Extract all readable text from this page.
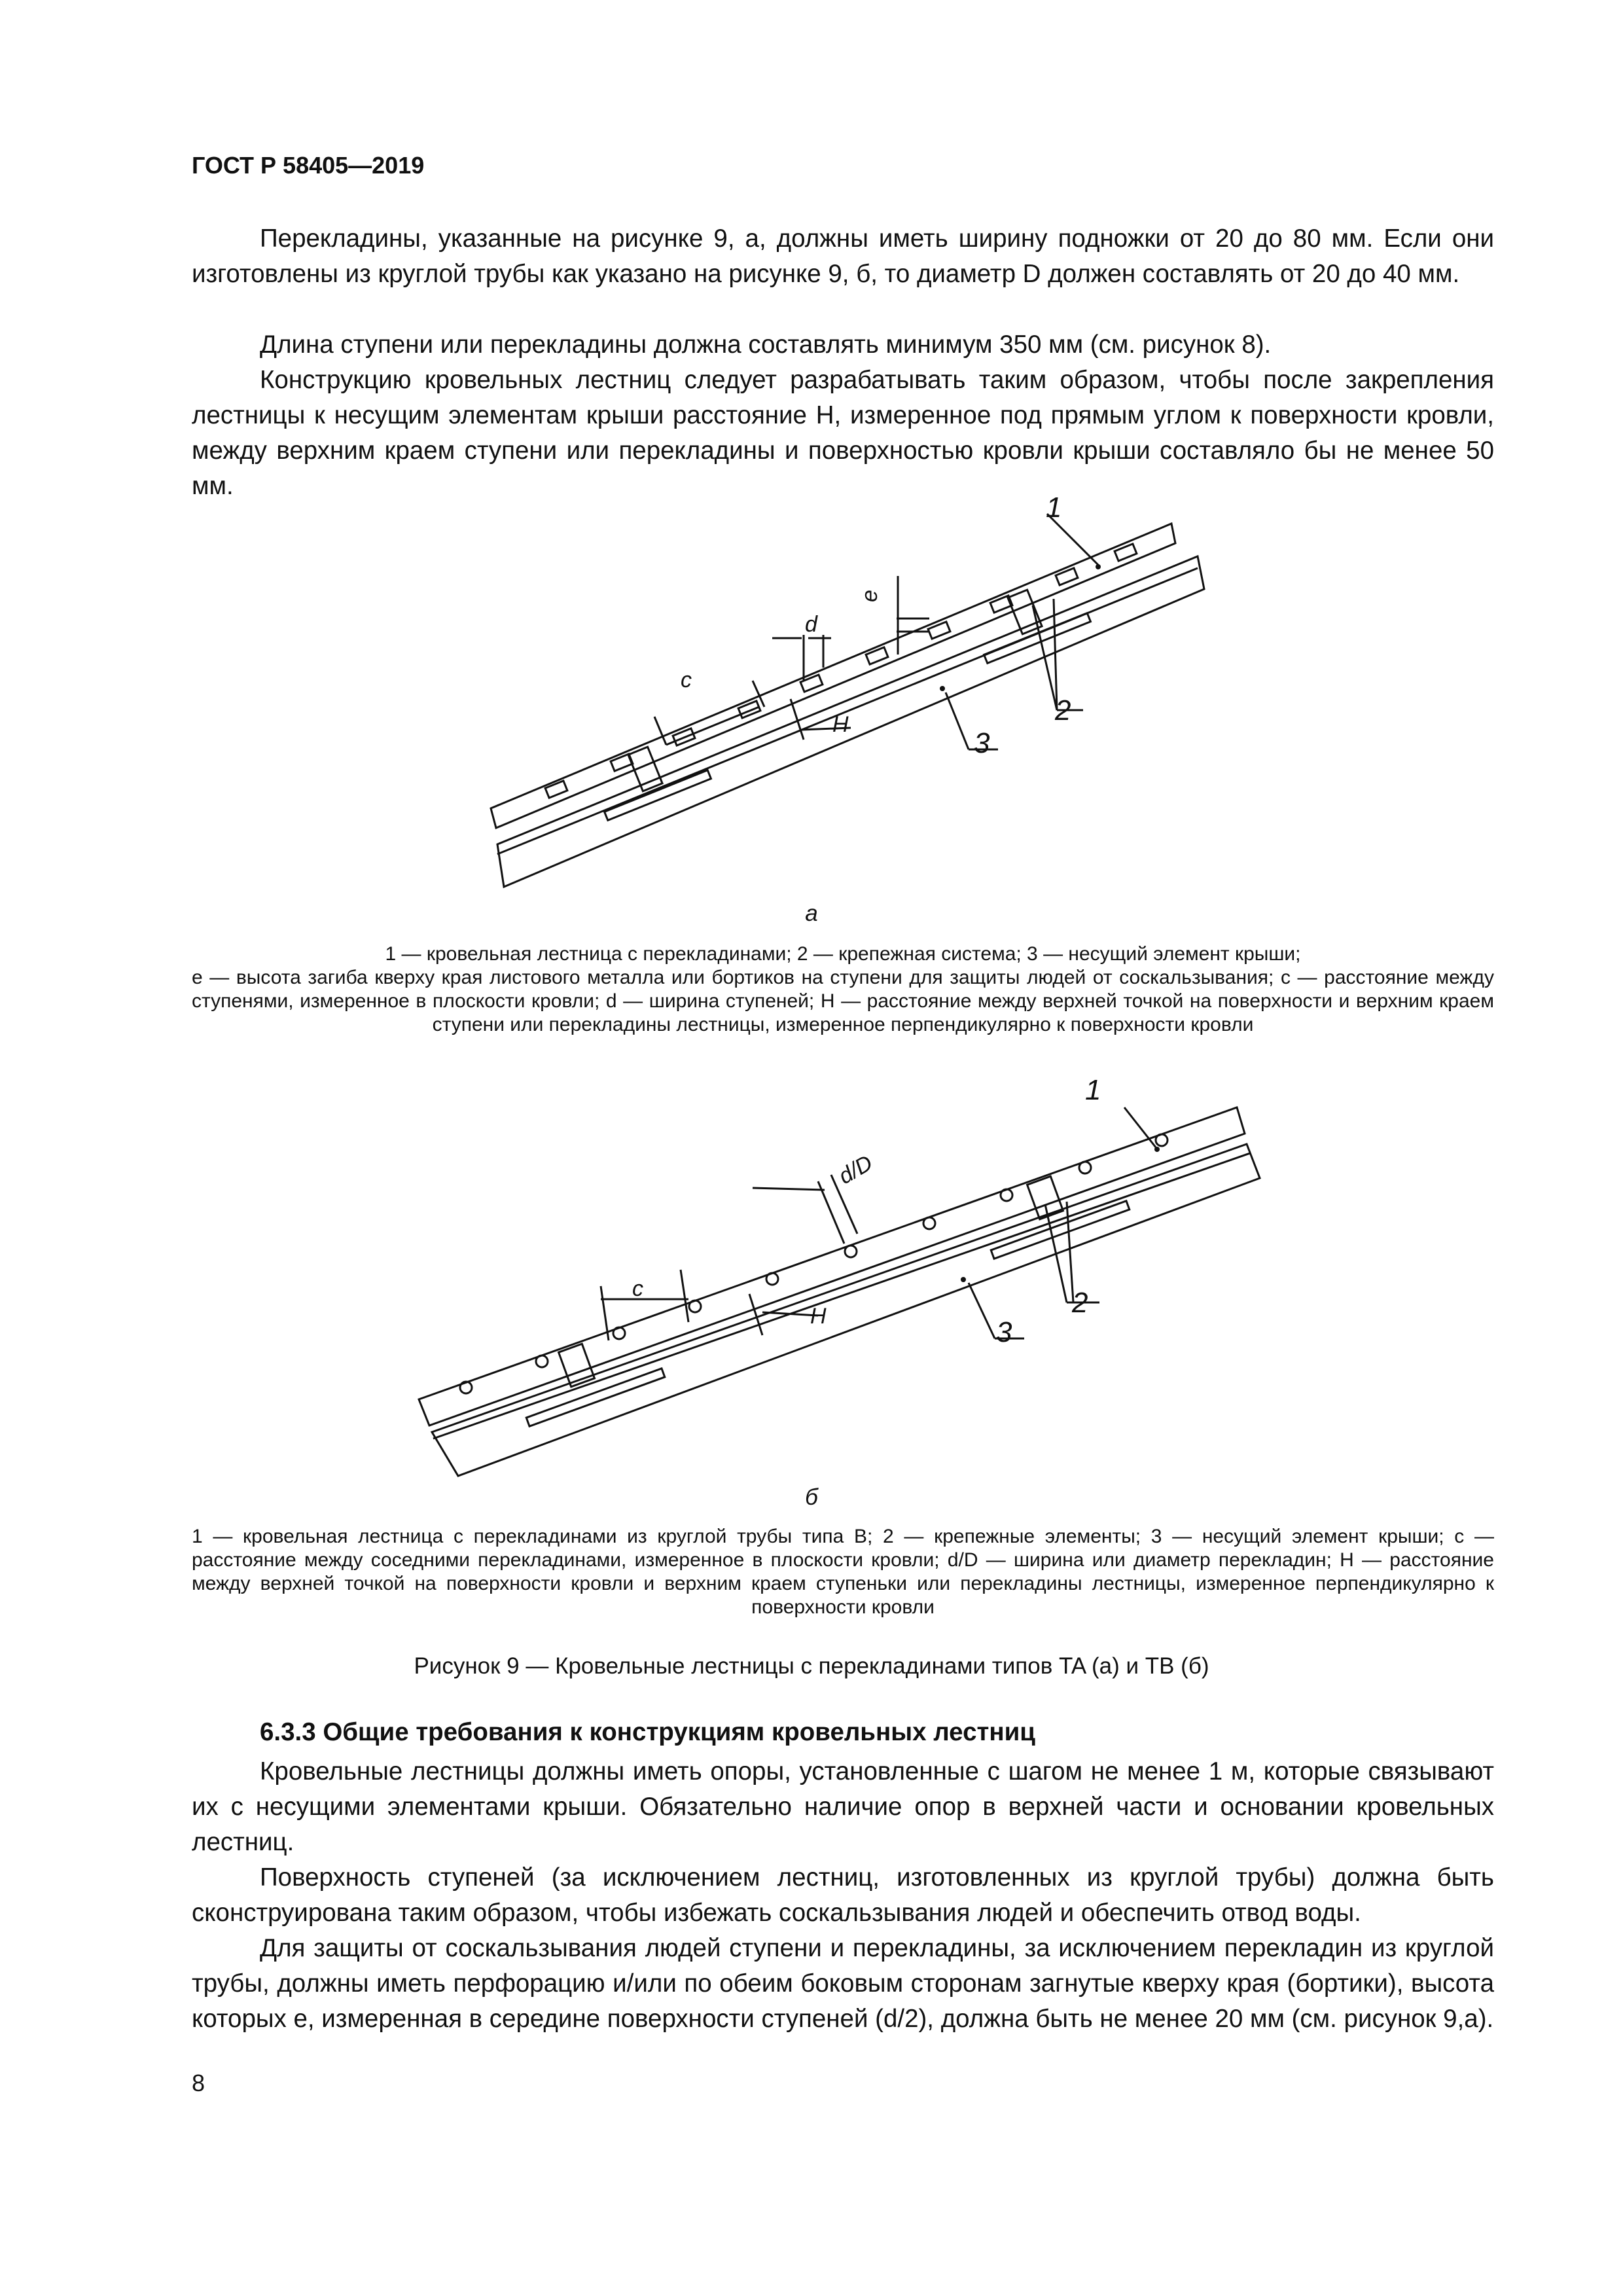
ГОСТ Р 58405—2019

Перекладины, указанные на рисунке 9, а, должны иметь ширину подножки от 20 до 80 мм. Если они изготовлены из круглой трубы как указано на рисунке 9, б, то диаметр D должен составлять от 20 до 40 мм.

Длина ступени или перекладины должна составлять минимум 350 мм (см. рисунок 8).

Конструкцию кровельных лестниц следует разрабатывать таким образом, чтобы после закрепления лестницы к несущим элементам крыши расстояние H, измеренное под прямым углом к поверхности кровли, между верхним краем ступени или перекладины и поверхностью кровли крыши составляло бы не менее 50 мм.

1
2
3
c
d
e
H
а
1 — кровельная лестница с перекладинами; 2 — крепежная система; 3 — несущий элемент крыши;
e — высота загиба кверху края листового металла или бортиков на ступени для защиты людей от соскальзывания; c — расстояние между ступенями, измеренное в плоскости кровли; d — ширина ступеней; H — расстояние между верхней точкой на поверхности и верхним краем ступени или перекладины лестницы, измеренное перпендикулярно к поверхности кровли
1
2
3
c
d/D
H
б
1 — кровельная лестница с перекладинами из круглой трубы типа В; 2 — крепежные элементы; 3 — несущий элемент крыши; c — расстояние между соседними перекладинами, измеренное в плоскости кровли; d/D — ширина или диаметр перекладин; H — расстояние между верхней точкой на поверхности кровли и верхним краем ступеньки или перекладины лестницы, измеренное перпендикулярно к поверхности кровли
Рисунок 9 — Кровельные лестницы с перекладинами типов TA (a) и TB (б)
6.3.3 Общие требования к конструкциям кровельных лестниц

Кровельные лестницы должны иметь опоры, установленные с шагом не менее 1 м, которые связывают их с несущими элементами крыши. Обязательно наличие опор в верхней части и основании кровельных лестниц.

Поверхность ступеней (за исключением лестниц, изготовленных из круглой трубы) должна быть сконструирована таким образом, чтобы избежать соскальзывания людей и обеспечить отвод воды.

Для защиты от соскальзывания людей ступени и перекладины, за исключением перекладин из круглой трубы, должны иметь перфорацию и/или по обеим боковым сторонам загнутые кверху края (бортики), высота которых e, измеренная в середине поверхности ступеней (d/2), должна быть не менее 20 мм (см. рисунок 9,а).

8
